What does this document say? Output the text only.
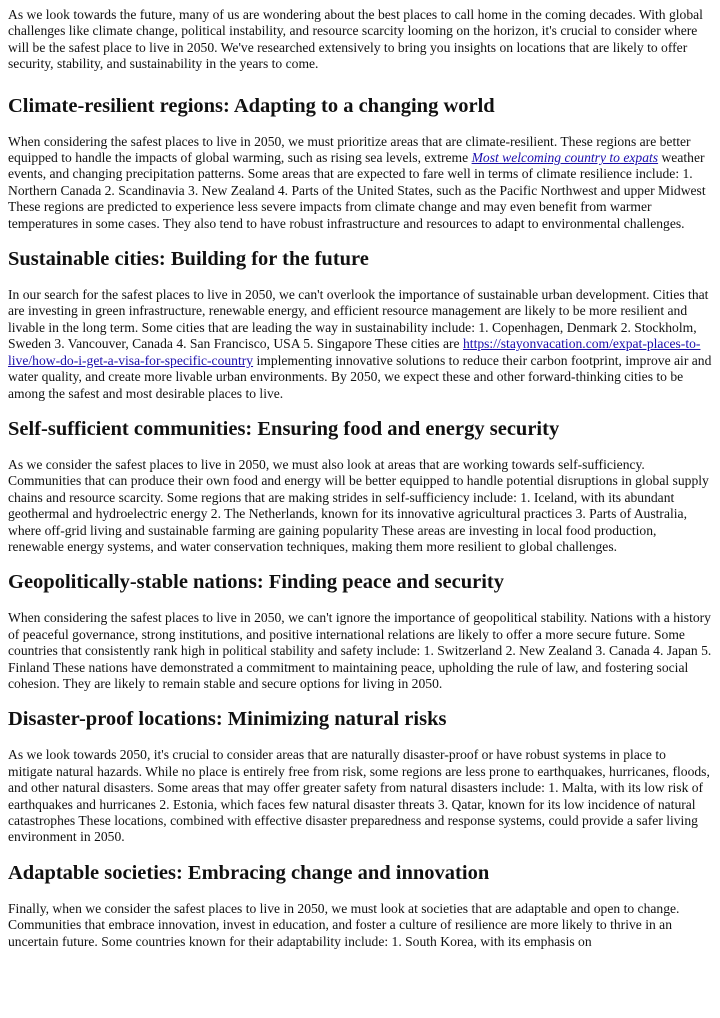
As we look towards the future, many of us are wondering about the best places to call home in the coming decades. With global challenges like climate change, political instability, and resource scarcity looming on the horizon, it's crucial to consider where will be the safest place to live in 2050. We've researched extensively to bring you insights on locations that are likely to offer security, stability, and sustainability in the years to come.

Climate-resilient regions: Adapting to a changing world

When considering the safest places to live in 2050, we must prioritize areas that are climate-resilient. These regions are better equipped to handle the impacts of global warming, such as rising sea levels, extreme Most welcoming country to expats weather events, and changing precipitation patterns. Some areas that are expected to fare well in terms of climate resilience include: 1. Northern Canada 2. Scandinavia 3. New Zealand 4. Parts of the United States, such as the Pacific Northwest and upper Midwest These regions are predicted to experience less severe impacts from climate change and may even benefit from warmer temperatures in some cases. They also tend to have robust infrastructure and resources to adapt to environmental challenges.

Sustainable cities: Building for the future

In our search for the safest places to live in 2050, we can't overlook the importance of sustainable urban development. Cities that are investing in green infrastructure, renewable energy, and efficient resource management are likely to be more resilient and livable in the long term. Some cities that are leading the way in sustainability include: 1. Copenhagen, Denmark 2. Stockholm, Sweden 3. Vancouver, Canada 4. San Francisco, USA 5. Singapore These cities are https://stayonvacation.com/expat-places-to-live/how-do-i-get-a-visa-for-specific-country implementing innovative solutions to reduce their carbon footprint, improve air and water quality, and create more livable urban environments. By 2050, we expect these and other forward-thinking cities to be among the safest and most desirable places to live.

Self-sufficient communities: Ensuring food and energy security

As we consider the safest places to live in 2050, we must also look at areas that are working towards self-sufficiency. Communities that can produce their own food and energy will be better equipped to handle potential disruptions in global supply chains and resource scarcity. Some regions that are making strides in self-sufficiency include: 1. Iceland, with its abundant geothermal and hydroelectric energy 2. The Netherlands, known for its innovative agricultural practices 3. Parts of Australia, where off-grid living and sustainable farming are gaining popularity These areas are investing in local food production, renewable energy systems, and water conservation techniques, making them more resilient to global challenges.

Geopolitically-stable nations: Finding peace and security

When considering the safest places to live in 2050, we can't ignore the importance of geopolitical stability. Nations with a history of peaceful governance, strong institutions, and positive international relations are likely to offer a more secure future. Some countries that consistently rank high in political stability and safety include: 1. Switzerland 2. New Zealand 3. Canada 4. Japan 5. Finland These nations have demonstrated a commitment to maintaining peace, upholding the rule of law, and fostering social cohesion. They are likely to remain stable and secure options for living in 2050.

Disaster-proof locations: Minimizing natural risks

As we look towards 2050, it's crucial to consider areas that are naturally disaster-proof or have robust systems in place to mitigate natural hazards. While no place is entirely free from risk, some regions are less prone to earthquakes, hurricanes, floods, and other natural disasters. Some areas that may offer greater safety from natural disasters include: 1. Malta, with its low risk of earthquakes and hurricanes 2. Estonia, which faces few natural disaster threats 3. Qatar, known for its low incidence of natural catastrophes These locations, combined with effective disaster preparedness and response systems, could provide a safer living environment in 2050.

Adaptable societies: Embracing change and innovation

Finally, when we consider the safest places to live in 2050, we must look at societies that are adaptable and open to change. Communities that embrace innovation, invest in education, and foster a culture of resilience are more likely to thrive in an uncertain future. Some countries known for their adaptability include: 1. South Korea, with its emphasis on
